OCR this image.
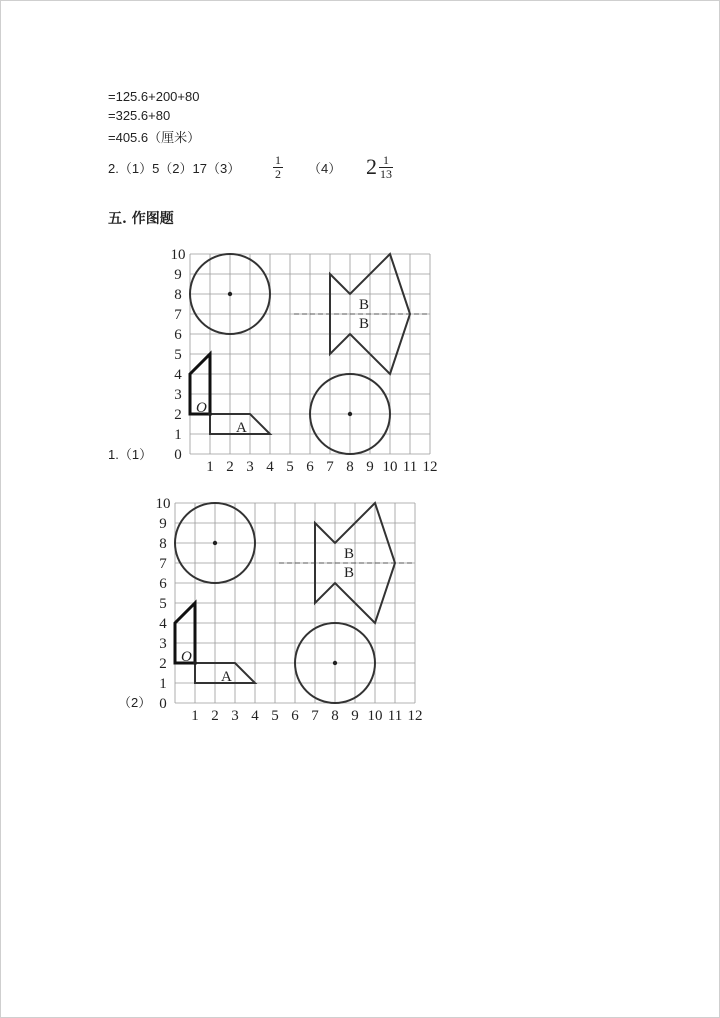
=125.6+200+80
=325.6+80
=405.6（厘米）
2.（1）5（2）17（3）
1
2 （4） 2 1
13
五. 作图题
1.（1）
（2）
0
1
2
3
4
5
6
7
8
9
10
1 2 3 4 5 6 7 8 9 10 11 12
O
A
B
B
0
1
2
3
4
5
6
7
8
9
10
1 2 3 4 5 6 7 8 9 10 11 12
O
A
B
B
